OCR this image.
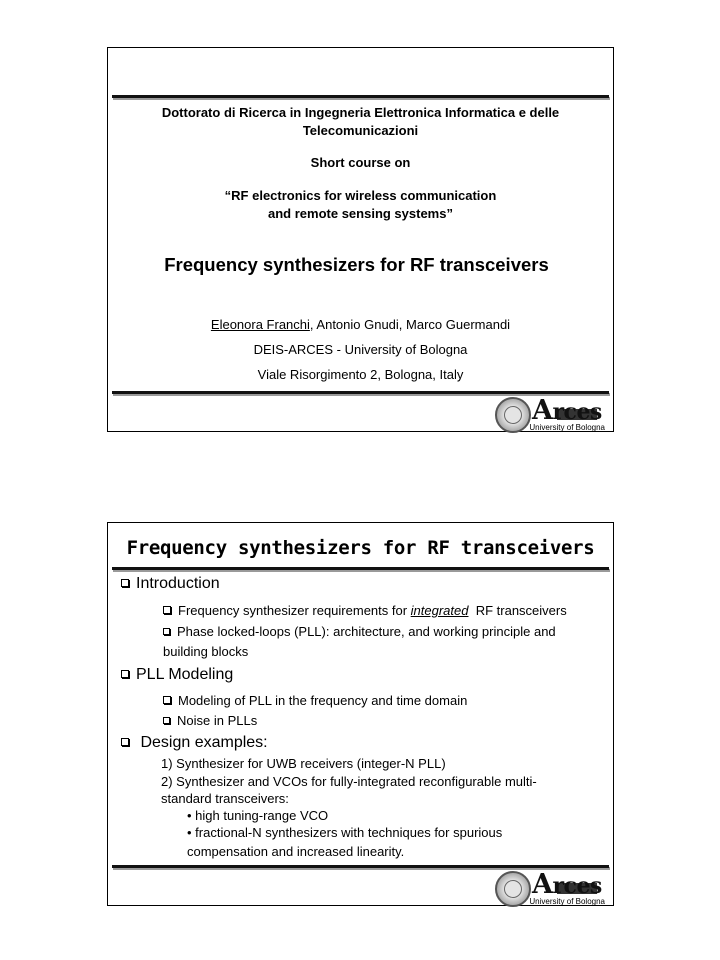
Dottorato di Ricerca in Ingegneria Elettronica Informatica e delle
Telecomunicazioni
Short course on
“RF electronics for wireless communication
and remote sensing systems”
Frequency synthesizers for RF transceivers
Eleonora Franchi, Antonio Gnudi, Marco Guermandi
DEIS-ARCES - University of Bologna
Viale Risorgimento 2, Bologna, Italy
Arces
University of Bologna
Frequency synthesizers for RF transceivers
Introduction
Frequency synthesizer requirements for integrated  RF transceivers
Phase locked-loops (PLL): architecture, and working principle and
building blocks
PLL Modeling
Modeling of PLL in the frequency and time domain
Noise in PLLs
Design examples:
1) Synthesizer for UWB receivers (integer-N PLL)
2) Synthesizer and VCOs for fully-integrated reconfigurable multi-
standard transceivers:
• high tuning-range VCO
• fractional-N synthesizers with techniques for spurious
compensation and increased linearity.
Arces
University of Bologna
